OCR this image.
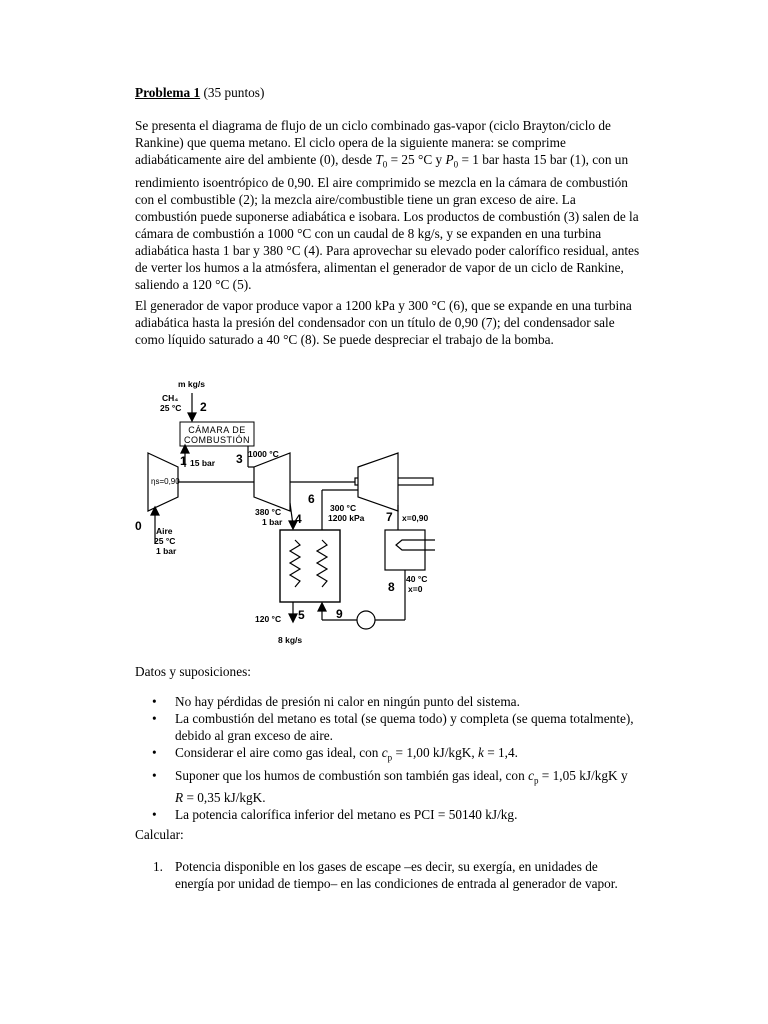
Problema 1 (35 puntos)

Se presenta el diagrama de flujo de un ciclo combinado gas-vapor (ciclo Brayton/ciclo de Rankine) que quema metano. El ciclo opera de la siguiente manera: se comprime adiabáticamente aire del ambiente (0), desde $T_0 = 25$ °C y $P_0 = 1$ bar hasta 15 bar (1), con un rendimiento isoentrópico de 0,90. El aire comprimido se mezcla en la cámara de combustión con el combustible (2); la mezcla aire/combustible tiene un gran exceso de aire. La combustión puede suponerse adiabática e isobara. Los productos de combustión (3) salen de la cámara de combustión a 1000 °C con un caudal de 8 kg/s, y se expanden en una turbina adiabática hasta 1 bar y 380 °C (4). Para aprovechar su elevado poder calorífico residual, antes de verter los humos a la atmósfera, alimentan el generador de vapor de un ciclo de Rankine, saliendo a 120 °C (5).

El generador de vapor produce vapor a 1200 kPa y 300 °C (6), que se expande en una turbina adiabática hasta la presión del condensador con un título de 0,90 (7); del condensador sale como líquido saturado a 40 °C (8). Se puede despreciar el trabajo de la bomba.

m kg/s
CH₄
25 °C 2
CÁMARA DE
COMBUSTIÓN
1 15 bar 3 1000 °C
ηs=0,90
6
380 °C
1 bar 4
300 °C
1200 kPa 7 x=0,90
0 Aire
25 °C
1 bar
8
40 °C
x=0
120 °C 5	9
8 kg/s

Datos y suposiciones:

• No hay pérdidas de presión ni calor en ningún punto del sistema.
• La combustión del metano es total (se quema todo) y completa (se quema totalmente), debido al gran exceso de aire.
• Considerar el aire como gas ideal, con $c_p = 1,00$ kJ/kgK, k = 1,4.
• Suponer que los humos de combustión son también gas ideal, con $c_p = 1,05$ kJ/kgK y R = 0,35 kJ/kgK.
• La potencia calorífica inferior del metano es PCI = 50140 kJ/kg.

Calcular:

1. Potencia disponible en los gases de escape –es decir, su exergía, en unidades de energía por unidad de tiempo– en las condiciones de entrada al generador de vapor.
